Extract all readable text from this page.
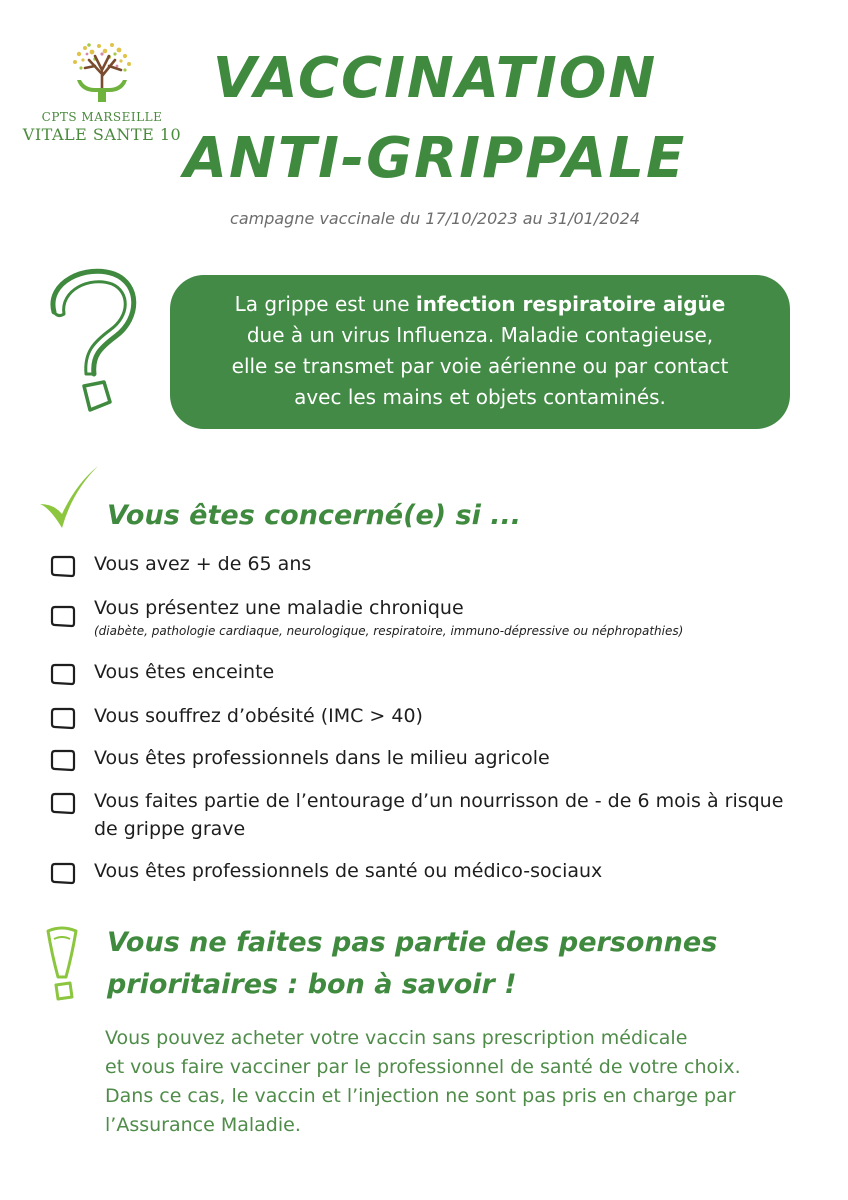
CPTS MARSEILLE
VITALE SANTE 10
VACCINATION
ANTI-GRIPPALE
campagne vaccinale du 17/10/2023 au 31/01/2024
La grippe est une infection respiratoire aigüe
due à un virus Influenza. Maladie contagieuse,
elle se transmet par voie aérienne ou par contact
avec les mains et objets contaminés.
Vous êtes concerné(e) si ...
Vous avez + de 65 ans
Vous présentez une maladie chronique
(diabète, pathologie cardiaque, neurologique, respiratoire, immuno-dépressive ou néphropathies)
Vous êtes enceinte
Vous souffrez d’obésité (IMC > 40)
Vous êtes professionnels dans le milieu agricole
Vous faites partie de l’entourage d’un nourrisson de - de 6 mois à risque de grippe grave
Vous êtes professionnels de santé ou médico-sociaux
Vous ne faites pas partie des personnes
prioritaires : bon à savoir !
Vous pouvez acheter votre vaccin sans prescription médicale
et vous faire vacciner par le professionnel de santé de votre choix.
Dans ce cas, le vaccin et l’injection ne sont pas pris en charge par
l’Assurance Maladie.
